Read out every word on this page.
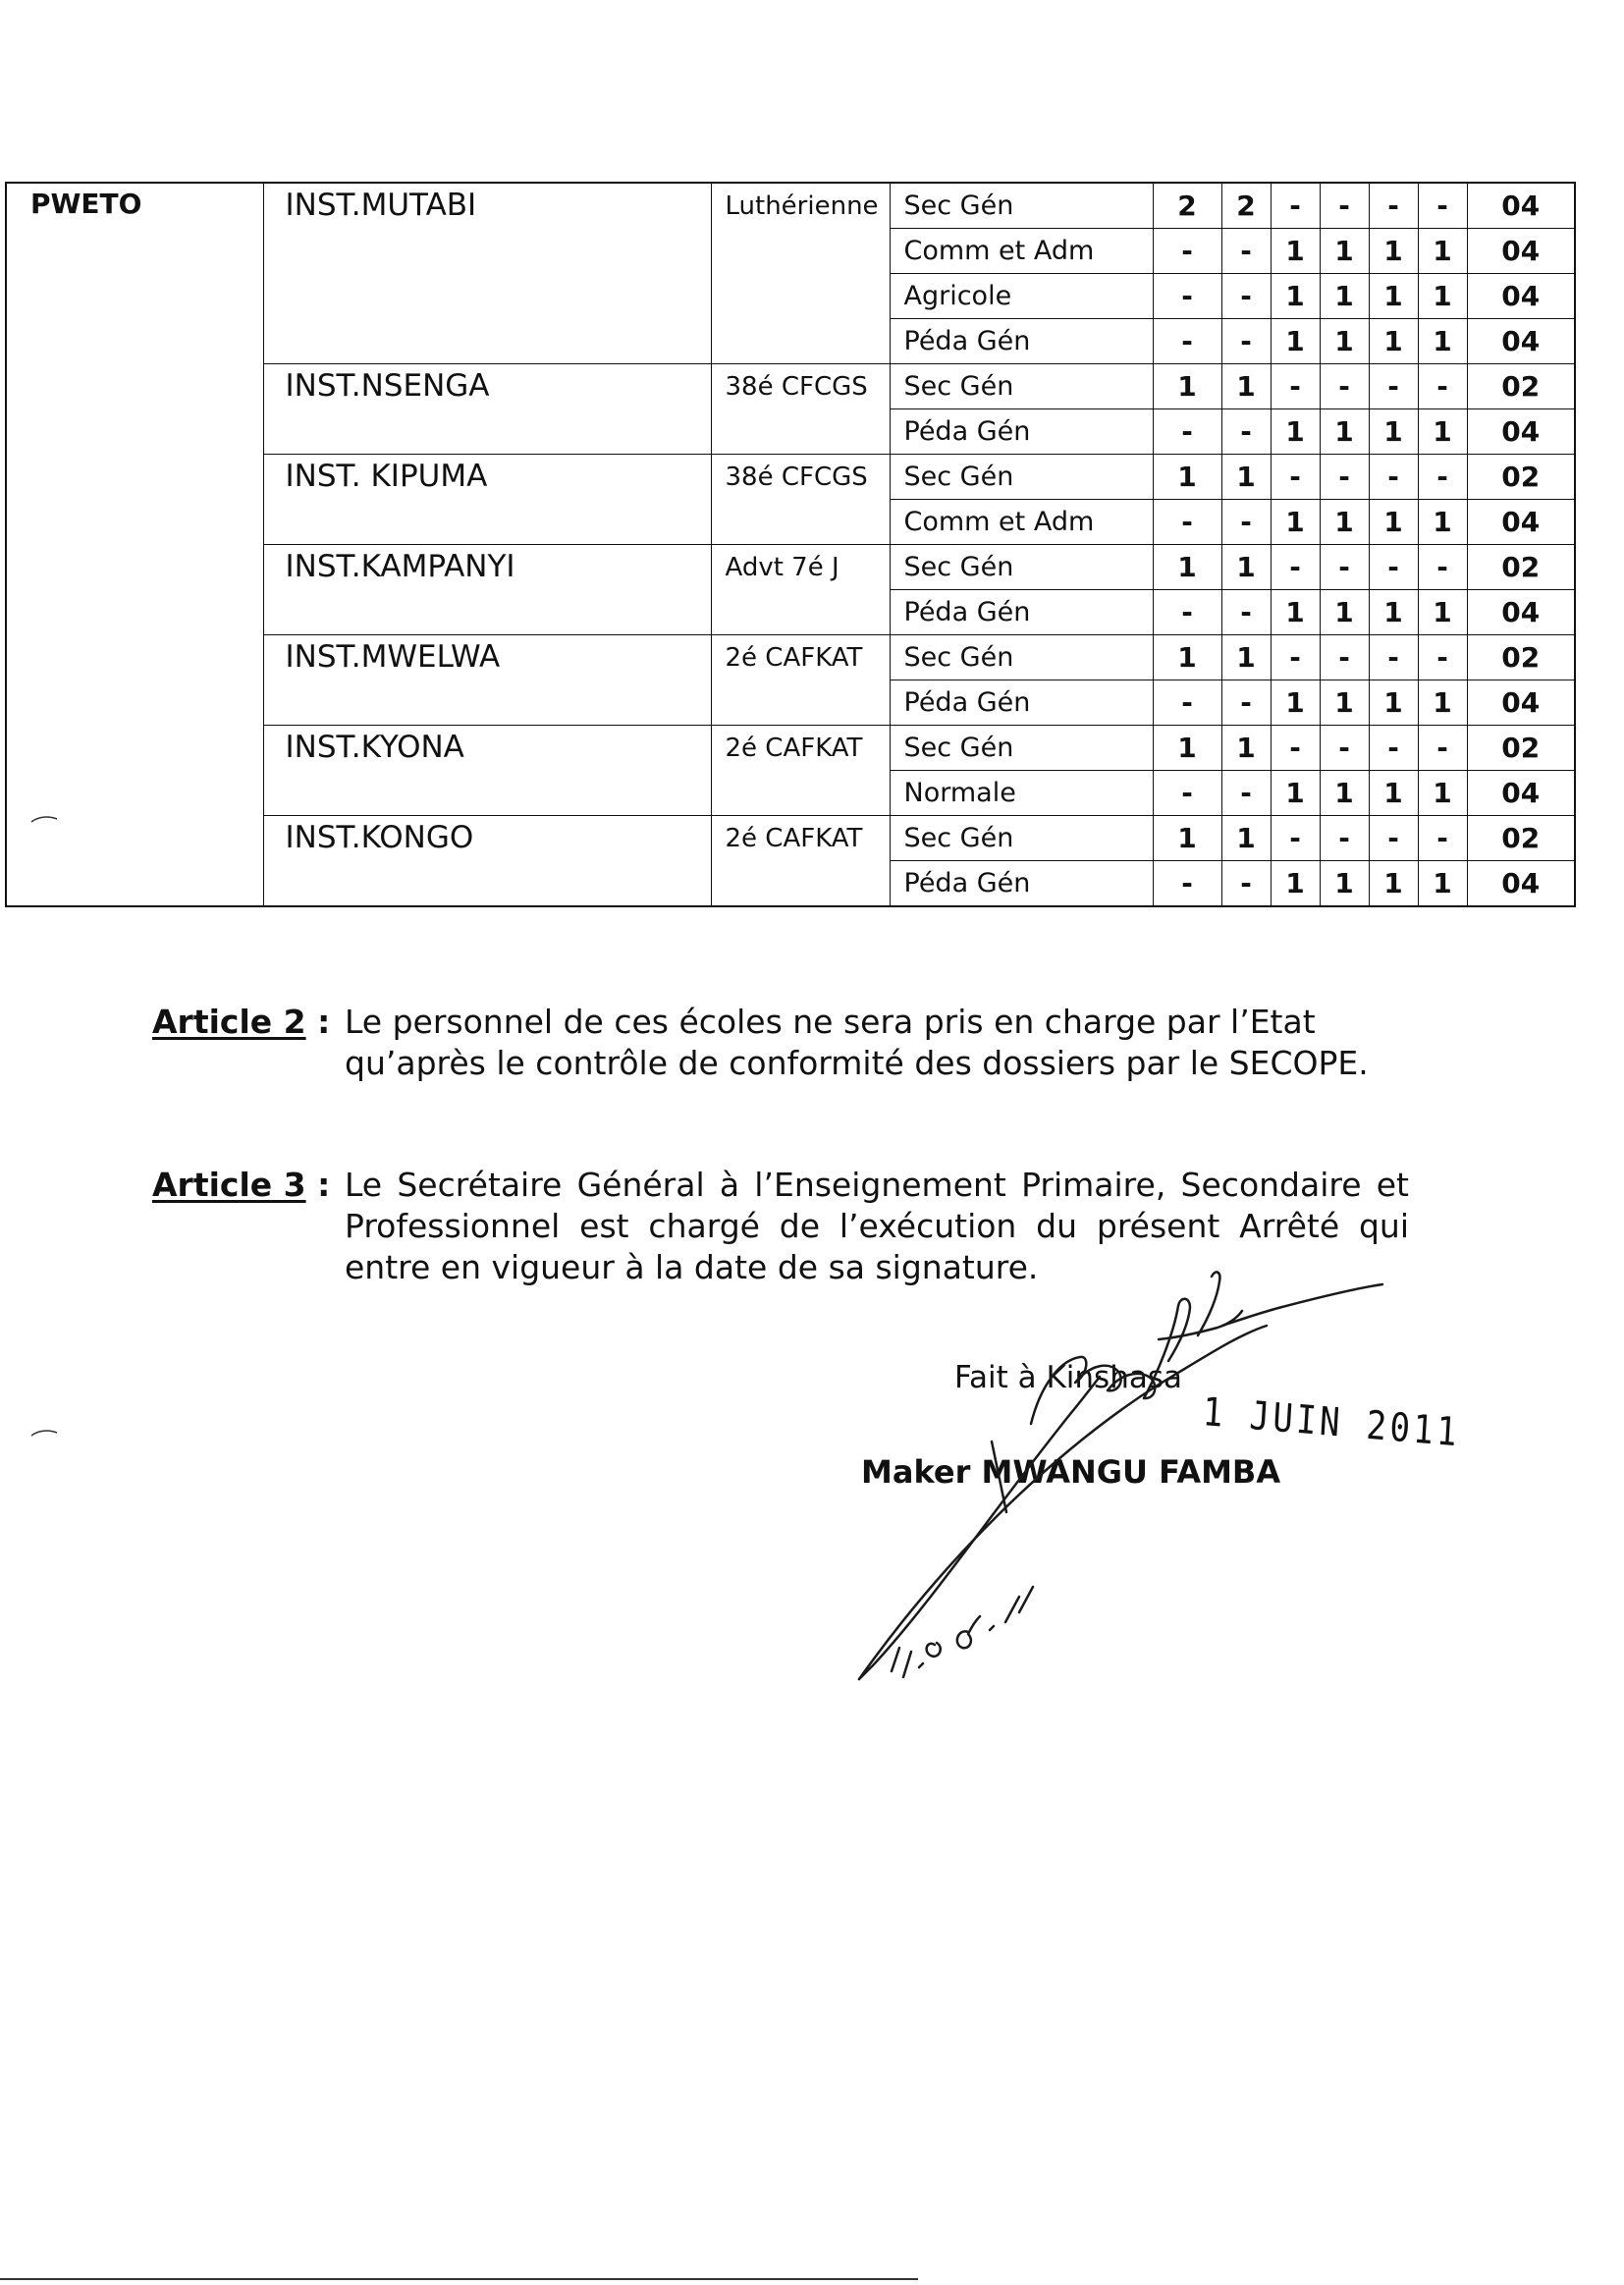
PWETO	INST.MUTABI	Luthérienne	Sec Gén	2	2	-	-	-	-	04
			Comm et Adm	-	-	1	1	1	1	04
			Agricole	-	-	1	1	1	1	04
			Péda Gén	-	-	1	1	1	1	04
	INST.NSENGA	38é CFCGS	Sec Gén	1	1	-	-	-	-	02
			Péda Gén	-	-	1	1	1	1	04
	INST. KIPUMA	38é CFCGS	Sec Gén	1	1	-	-	-	-	02
			Comm et Adm	-	-	1	1	1	1	04
	INST.KAMPANYI	Advt 7é J	Sec Gén	1	1	-	-	-	-	02
			Péda Gén	-	-	1	1	1	1	04
	INST.MWELWA	2é CAFKAT	Sec Gén	1	1	-	-	-	-	02
			Péda Gén	-	-	1	1	1	1	04
	INST.KYONA	2é CAFKAT	Sec Gén	1	1	-	-	-	-	02
			Normale	-	-	1	1	1	1	04
	INST.KONGO	2é CAFKAT	Sec Gén	1	1	-	-	-	-	02
			Péda Gén	-	-	1	1	1	1	04
Article 2 : Le personnel de ces écoles ne sera pris en charge par l’Etat qu’après le contrôle de conformité des dossiers par le SECOPE.
Article 3 : Le Secrétaire Général à l’Enseignement Primaire, Secondaire et Professionnel est chargé de l’exécution du présent Arrêté qui entre en vigueur à la date de sa signature.
Fait à Kinshasa
1 JUIN 2011
Maker MWANGU FAMBA
